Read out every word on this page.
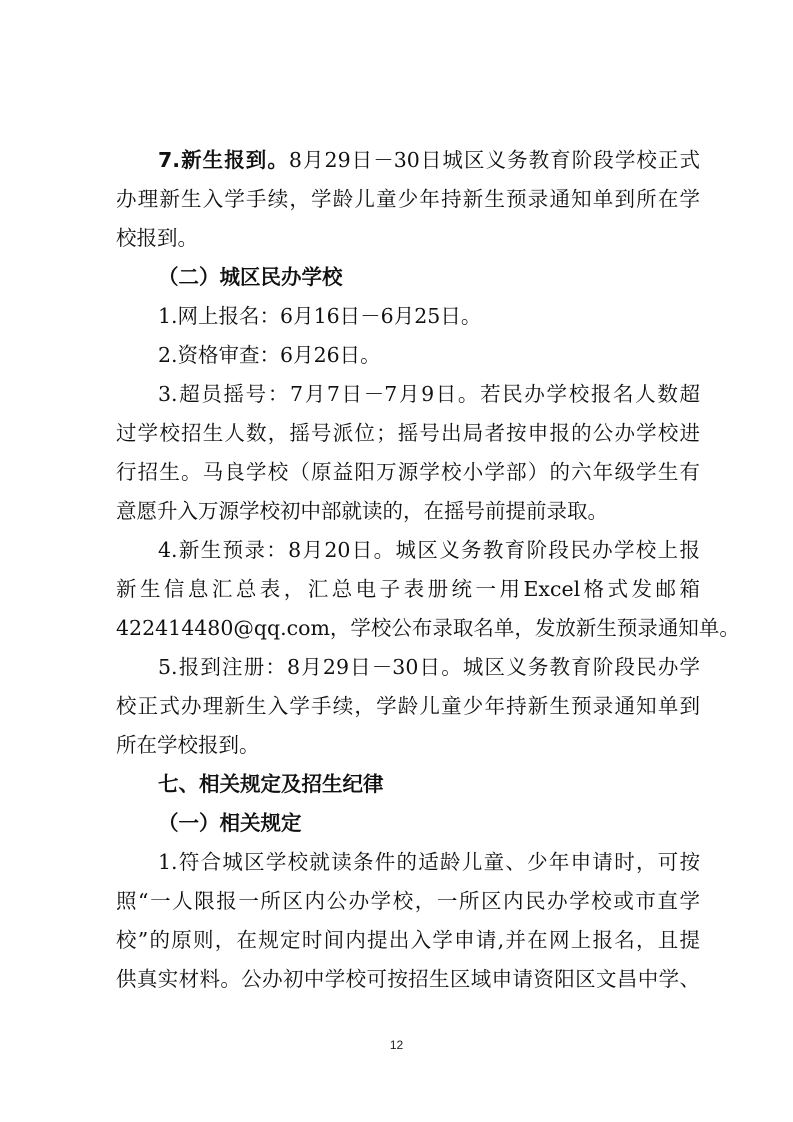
7.新生报到。8月29日－30日城区义务教育阶段学校正式
办理新生入学手续，学龄儿童少年持新生预录通知单到所在学
校报到。
（二）城区民办学校
1.网上报名：6月16日－6月25日。
2.资格审查：6月26日。
3.超员摇号：7月7日－7月9日。若民办学校报名人数超
过学校招生人数，摇号派位；摇号出局者按申报的公办学校进
行招生。马良学校（原益阳万源学校小学部）的六年级学生有
意愿升入万源学校初中部就读的，在摇号前提前录取。
4.新生预录：8月20日。城区义务教育阶段民办学校上报
新生信息汇总表，汇总电子表册统一用Excel格式发邮箱
422414480@qq.com，学校公布录取名单，发放新生预录通知单。
5.报到注册：8月29日－30日。城区义务教育阶段民办学
校正式办理新生入学手续，学龄儿童少年持新生预录通知单到
所在学校报到。
七、相关规定及招生纪律
（一）相关规定
1.符合城区学校就读条件的适龄儿童、少年申请时，可按
照“一人限报一所区内公办学校，一所区内民办学校或市直学
校”的原则，在规定时间内提出入学申请,并在网上报名，且提
供真实材料。公办初中学校可按招生区域申请资阳区文昌中学、
12
